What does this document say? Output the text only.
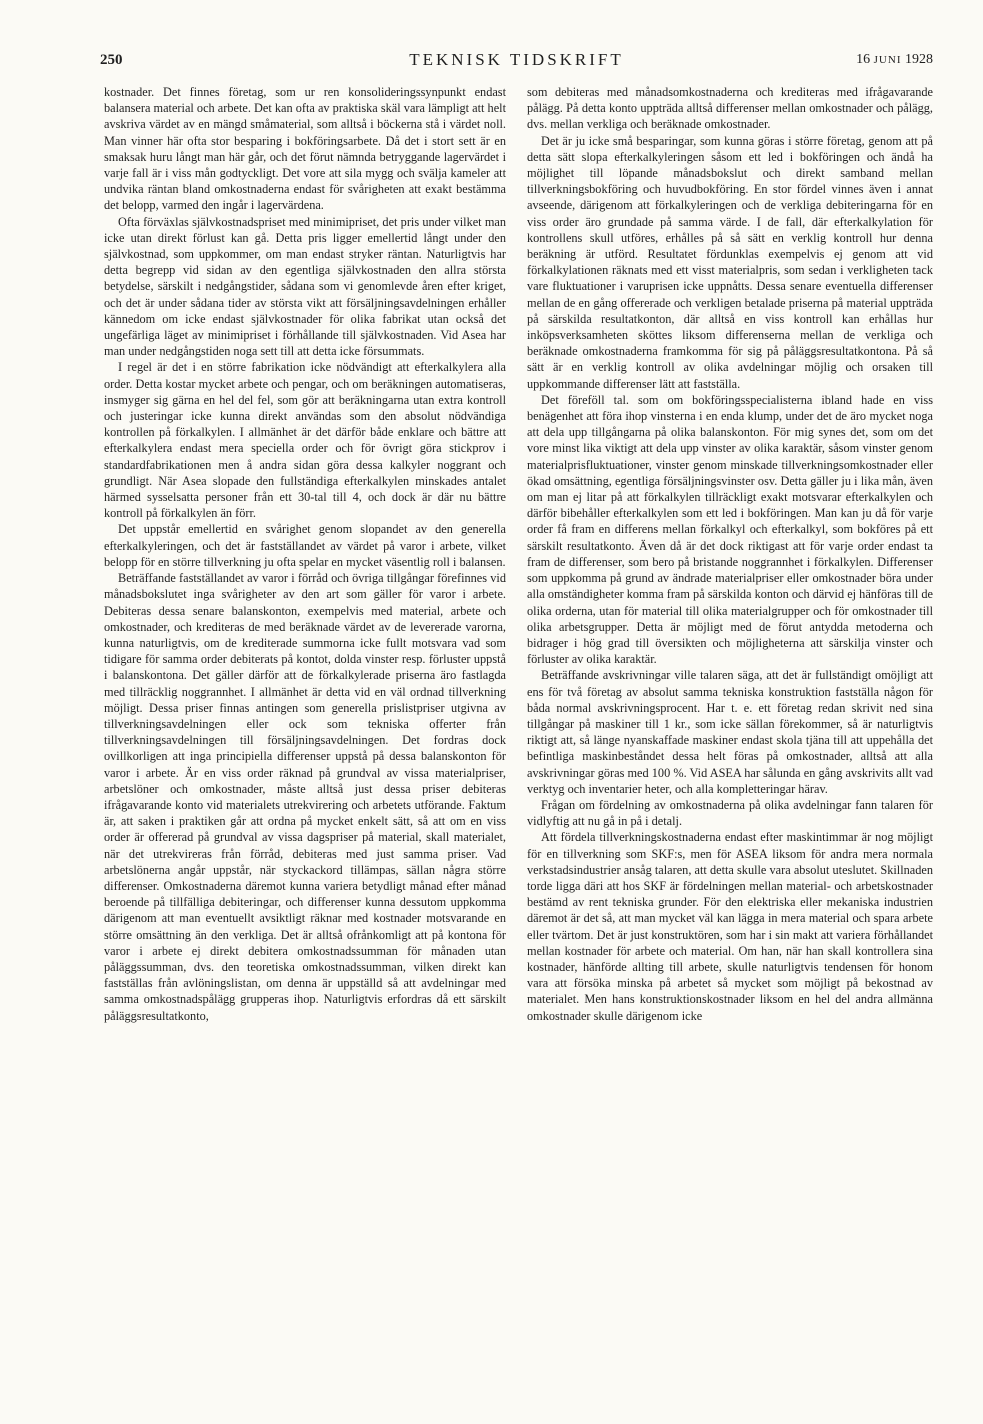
250	TEKNISK TIDSKRIFT	16 JUNI 1928

kostnader. Det finnes företag, som ur ren konsolideringssynpunkt endast balansera material och arbete. Det kan ofta av praktiska skäl vara lämpligt att helt avskriva värdet av en mängd småmaterial, som alltså i böckerna stå i värdet noll. Man vinner här ofta stor besparing i bokföringsarbete. Då det i stort sett är en smaksak huru långt man här går, och det förut nämnda betryggande lagervärdet i varje fall är i viss mån godtyckligt. Det vore att sila mygg och svälja kameler att undvika räntan bland omkostnaderna endast för svårigheten att exakt bestämma det belopp, varmed den ingår i lagervärdena.

Ofta förväxlas självkostnadspriset med minimipriset, det pris under vilket man icke utan direkt förlust kan gå. Detta pris ligger emellertid långt under den självkostnad, som uppkommer, om man endast stryker räntan. Naturligtvis har detta begrepp vid sidan av den egentliga självkostnaden den allra största betydelse, särskilt i nedgångstider, sådana som vi genomlevde åren efter kriget, och det är under sådana tider av största vikt att försäljningsavdelningen erhåller kännedom om icke endast självkostnader för olika fabrikat utan också det ungefärliga läget av minimipriset i förhållande till självkostnaden. Vid Asea har man under nedgångstiden noga sett till att detta icke försummats.

I regel är det i en större fabrikation icke nödvändigt att efterkalkylera alla order. Detta kostar mycket arbete och pengar, och om beräkningen automatiseras, insmyger sig gärna en hel del fel, som gör att beräkningarna utan extra kontroll och justeringar icke kunna direkt användas som den absolut nödvändiga kontrollen på förkalkylen. I allmänhet är det därför både enklare och bättre att efterkalkylera endast mera speciella order och för övrigt göra stickprov i standardfabrikationen men å andra sidan göra dessa kalkyler noggrant och grundligt. När Asea slopade den fullständiga efterkalkylen minskades antalet härmed sysselsatta personer från ett 30-tal till 4, och dock är där nu bättre kontroll på förkalkylen än förr.

Det uppstår emellertid en svårighet genom slopandet av den generella efterkalkyleringen, och det är fastställandet av värdet på varor i arbete, vilket belopp för en större tillverkning ju ofta spelar en mycket väsentlig roll i balansen.

Beträffande fastställandet av varor i förråd och övriga tillgångar förefinnes vid månadsbokslutet inga svårigheter av den art som gäller för varor i arbete. Debiteras dessa senare balanskonton, exempelvis med material, arbete och omkostnader, och krediteras de med beräknade värdet av de levererade varorna, kunna naturligtvis, om de krediterade summorna icke fullt motsvara vad som tidigare för samma order debiterats på kontot, dolda vinster resp. förluster uppstå i balanskontona. Det gäller därför att de förkalkylerade priserna äro fastlagda med tillräcklig noggrannhet. I allmänhet är detta vid en väl ordnad tillverkning möjligt. Dessa priser finnas antingen som generella prislistpriser utgivna av tillverkningsavdelningen eller ock som tekniska offerter från tillverkningsavdelningen till försäljningsavdelningen. Det fordras dock ovillkorligen att inga principiella differenser uppstå på dessa balanskonton för varor i arbete. Är en viss order räknad på grundval av vissa materialpriser, arbetslöner och omkostnader, måste alltså just dessa priser debiteras ifrågavarande konto vid materialets utrekvirering och arbetets utförande. Faktum är, att saken i praktiken går att ordna på mycket enkelt sätt, så att om en viss order är offererad på grundval av vissa dagspriser på material, skall materialet, när det utrekvireras från förråd, debiteras med just samma priser. Vad arbetslönerna angår uppstår, när styckackord tillämpas, sällan några större differenser. Omkostnaderna däremot kunna variera betydligt månad efter månad beroende på tillfälliga debiteringar, och differenser kunna dessutom uppkomma därigenom att man eventuellt avsiktligt räknar med kostnader motsvarande en större omsättning än den verkliga. Det är alltså ofrånkomligt att på kontona för varor i arbete ej direkt debitera omkostnadssumman för månaden utan påläggssumman, dvs. den teoretiska omkostnadssumman, vilken direkt kan fastställas från avlöningslistan, om denna är uppställd så att avdelningar med samma omkostnadspålägg grupperas ihop. Naturligtvis erfordras då ett särskilt påläggsresultatkonto,

som debiteras med månadsomkostnaderna och krediteras med ifrågavarande pålägg. På detta konto uppträda alltså differenser mellan omkostnader och pålägg, dvs. mellan verkliga och beräknade omkostnader.

Det är ju icke små besparingar, som kunna göras i större företag, genom att på detta sätt slopa efterkalkyleringen såsom ett led i bokföringen och ändå ha möjlighet till löpande månadsbokslut och direkt samband mellan tillverkningsbokföring och huvudbokföring. En stor fördel vinnes även i annat avseende, därigenom att förkalkyleringen och de verkliga debiteringarna för en viss order äro grundade på samma värde. I de fall, där efterkalkylation för kontrollens skull utföres, erhålles på så sätt en verklig kontroll hur denna beräkning är utförd. Resultatet fördunklas exempelvis ej genom att vid förkalkylationen räknats med ett visst materialpris, som sedan i verkligheten tack vare fluktuationer i varuprisen icke uppnåtts. Dessa senare eventuella differenser mellan de en gång offererade och verkligen betalade priserna på material uppträda på särskilda resultatkonton, där alltså en viss kontroll kan erhållas hur inköpsverksamheten sköttes liksom differenserna mellan de verkliga och beräknade omkostnaderna framkomma för sig på påläggsresultatkontona. På så sätt är en verklig kontroll av olika avdelningar möjlig och orsaken till uppkommande differenser lätt att fastställa.

Det föreföll tal. som om bokföringsspecialisterna ibland hade en viss benägenhet att föra ihop vinsterna i en enda klump, under det de äro mycket noga att dela upp tillgångarna på olika balanskonton. För mig synes det, som om det vore minst lika viktigt att dela upp vinster av olika karaktär, såsom vinster genom materialprisfluktuationer, vinster genom minskade tillverkningsomkostnader eller ökad omsättning, egentliga försäljningsvinster osv. Detta gäller ju i lika mån, även om man ej litar på att förkalkylen tillräckligt exakt motsvarar efterkalkylen och därför bibehåller efterkalkylen som ett led i bokföringen. Man kan ju då för varje order få fram en differens mellan förkalkyl och efterkalkyl, som bokföres på ett särskilt resultatkonto. Även då är det dock riktigast att för varje order endast ta fram de differenser, som bero på bristande noggrannhet i förkalkylen. Differenser som uppkomma på grund av ändrade materialpriser eller omkostnader böra under alla omständigheter komma fram på särskilda konton och därvid ej hänföras till de olika orderna, utan för material till olika materialgrupper och för omkostnader till olika arbetsgrupper. Detta är möjligt med de förut antydda metoderna och bidrager i hög grad till översikten och möjligheterna att särskilja vinster och förluster av olika karaktär.

Beträffande avskrivningar ville talaren säga, att det är fullständigt omöjligt att ens för två företag av absolut samma tekniska konstruktion fastställa någon för båda normal avskrivningsprocent. Har t. e. ett företag redan skrivit ned sina tillgångar på maskiner till 1 kr., som icke sällan förekommer, så är naturligtvis riktigt att, så länge nyanskaffade maskiner endast skola tjäna till att uppehålla det befintliga maskinbeståndet dessa helt föras på omkostnader, alltså att alla avskrivningar göras med 100 %. Vid ASEA har sålunda en gång avskrivits allt vad verktyg och inventarier heter, och alla kompletteringar härav.

Frågan om fördelning av omkostnaderna på olika avdelningar fann talaren för vidlyftig att nu gå in på i detalj.

Att fördela tillverkningskostnaderna endast efter maskintimmar är nog möjligt för en tillverkning som SKF:s, men för ASEA liksom för andra mera normala verkstadsindustrier ansåg talaren, att detta skulle vara absolut uteslutet. Skillnaden torde ligga däri att hos SKF är fördelningen mellan material- och arbetskostnader bestämd av rent tekniska grunder. För den elektriska eller mekaniska industrien däremot är det så, att man mycket väl kan lägga in mera material och spara arbete eller tvärtom. Det är just konstruktören, som har i sin makt att variera förhållandet mellan kostnader för arbete och material. Om han, när han skall kontrollera sina kostnader, hänförde allting till arbete, skulle naturligtvis tendensen för honom vara att försöka minska på arbetet så mycket som möjligt på bekostnad av materialet. Men hans konstruktionskostnader liksom en hel del andra allmänna omkostnader skulle därigenom icke
